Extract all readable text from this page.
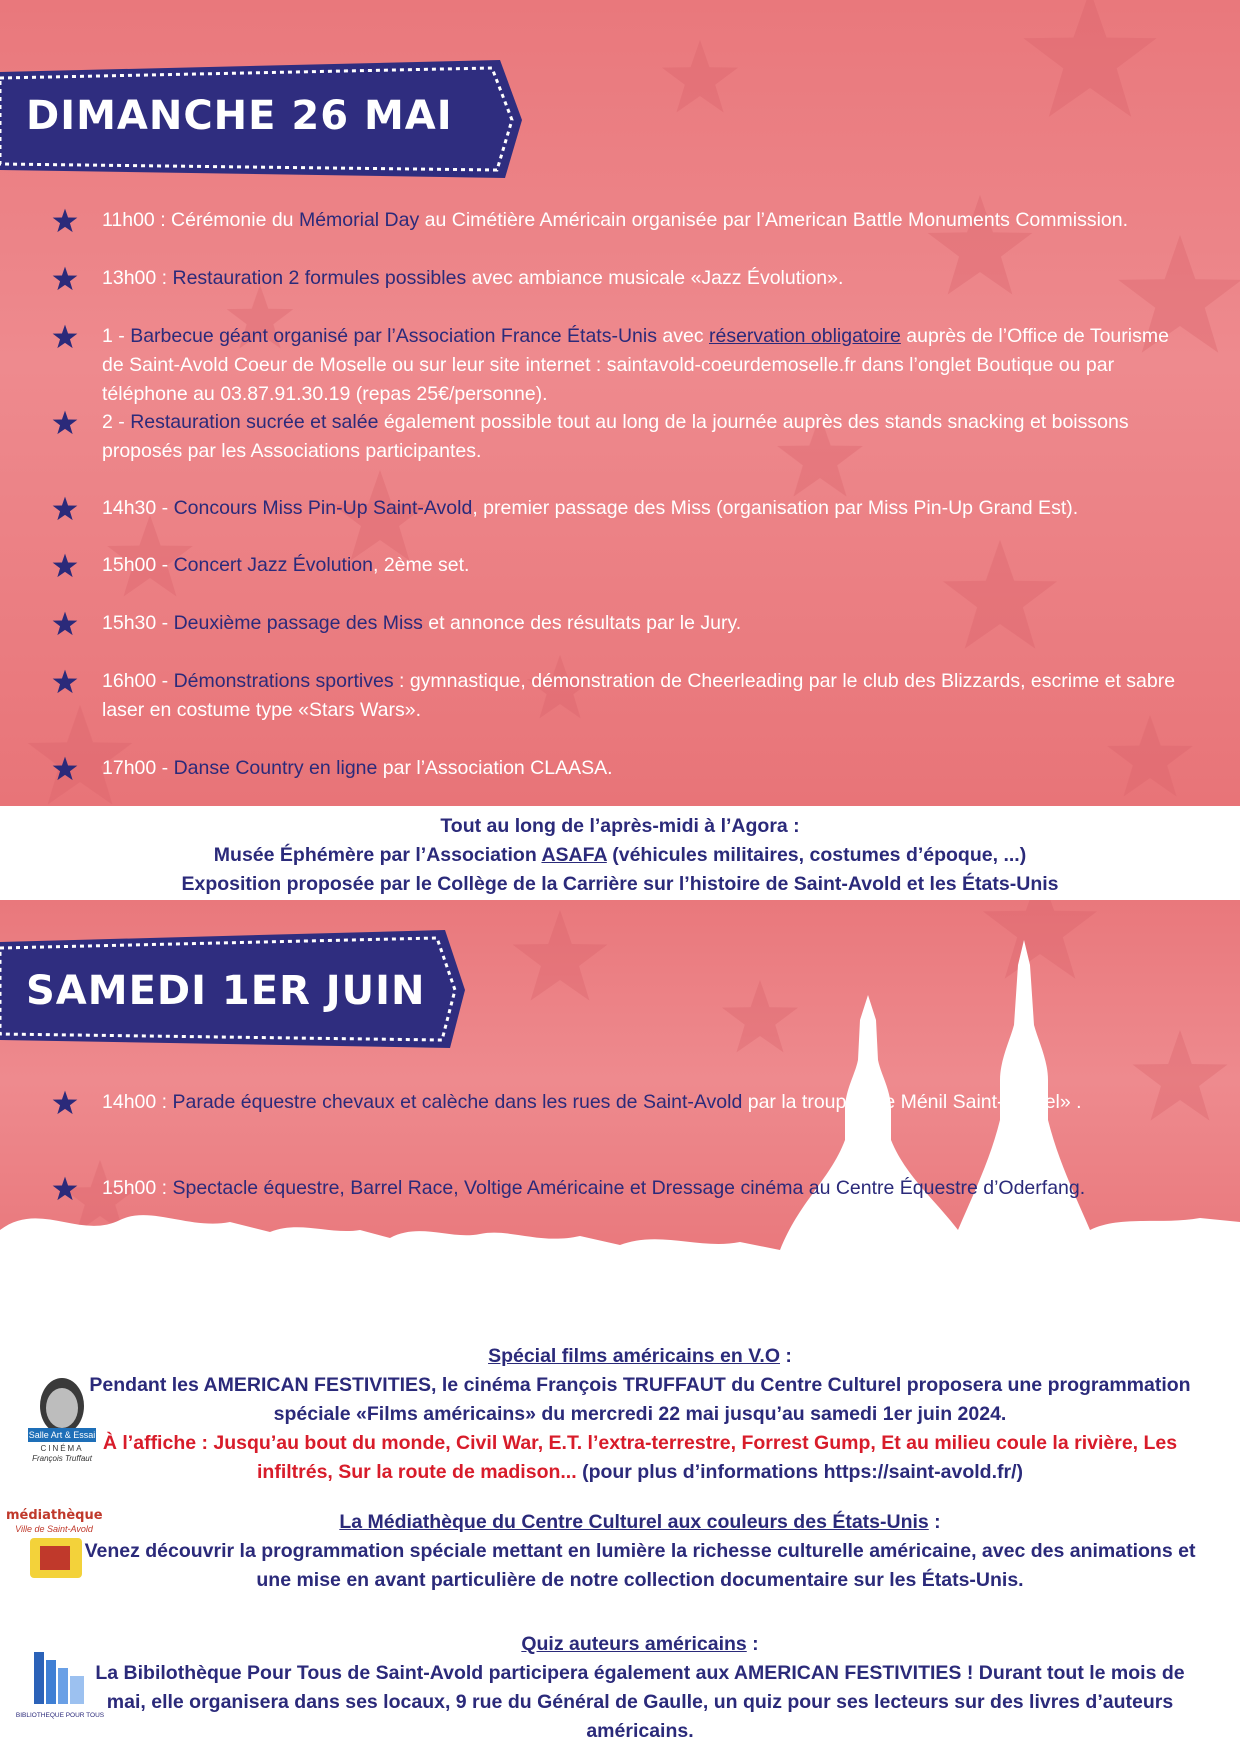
DIMANCHE 26 MAI
11h00 : Cérémonie du Mémorial Day au Cimétière Américain organisée par l’American Battle Monuments Commission.
13h00 : Restauration 2 formules possibles avec ambiance musicale «Jazz Évolution».
1 - Barbecue géant organisé par l’Association France États-Unis avec réservation obligatoire auprès de l’Office de Tourisme de Saint-Avold Coeur de Moselle ou sur leur site internet : saintavold-coeurdemoselle.fr dans l’onglet Boutique ou par téléphone au 03.87.91.30.19 (repas 25€/personne).
2 - Restauration sucrée et salée également possible tout au long de la journée auprès des stands snacking et boissons proposés par les Associations participantes.
14h30 - Concours Miss Pin-Up Saint-Avold, premier passage des Miss (organisation par Miss Pin-Up Grand Est).
15h00 - Concert Jazz Évolution, 2ème set.
15h30 - Deuxième passage des Miss et annonce des résultats par le Jury.
16h00 - Démonstrations sportives : gymnastique, démonstration de Cheerleading par le club des Blizzards, escrime et sabre laser en costume type «Stars Wars».
17h00 - Danse Country en ligne par l’Association CLAASA.
Tout au long de l’après-midi à l’Agora :
Musée Éphémère par l’Association ASAFA (véhicules militaires, costumes d’époque, ...)
Exposition proposée par le Collège de la Carrière sur l’histoire de Saint-Avold et les États-Unis
SAMEDI 1ER JUIN
14h00 : Parade équestre chevaux et calèche dans les rues de Saint-Avold par la troupe «Le Ménil Saint-Michel» .
15h00 : Spectacle équestre, Barrel Race, Voltige Américaine et Dressage cinéma au Centre Équestre d’Oderfang.
Salle Art & Essai
CINÉMA
François Truffaut
Spécial films américains en V.O :
Pendant les AMERICAN FESTIVITIES, le cinéma François TRUFFAUT du Centre Culturel proposera une programmation spéciale «Films américains» du mercredi 22 mai jusqu’au samedi 1er juin 2024.
À l’affiche : Jusqu’au bout du monde, Civil War, E.T. l’extra-terrestre, Forrest Gump, Et au milieu coule la rivière, Les infiltrés, Sur la route de madison... (pour plus d’informations https://saint-avold.fr/)
médiathèque
Ville de Saint-Avold	La Médiathèque du Centre Culturel aux couleurs des États-Unis :
Venez découvrir la programmation spéciale mettant en lumière la richesse culturelle américaine, avec des animations et une mise en avant particulière de notre collection documentaire sur les États-Unis.
BIBLIOTHEQUE POUR TOUS
Quiz auteurs américains :
La Bibilothèque Pour Tous de Saint-Avold participera également aux AMERICAN FESTIVITIES ! Durant tout le mois de mai, elle organisera dans ses locaux, 9 rue du Général de Gaulle, un quiz pour ses lecteurs sur des livres d’auteurs américains.
